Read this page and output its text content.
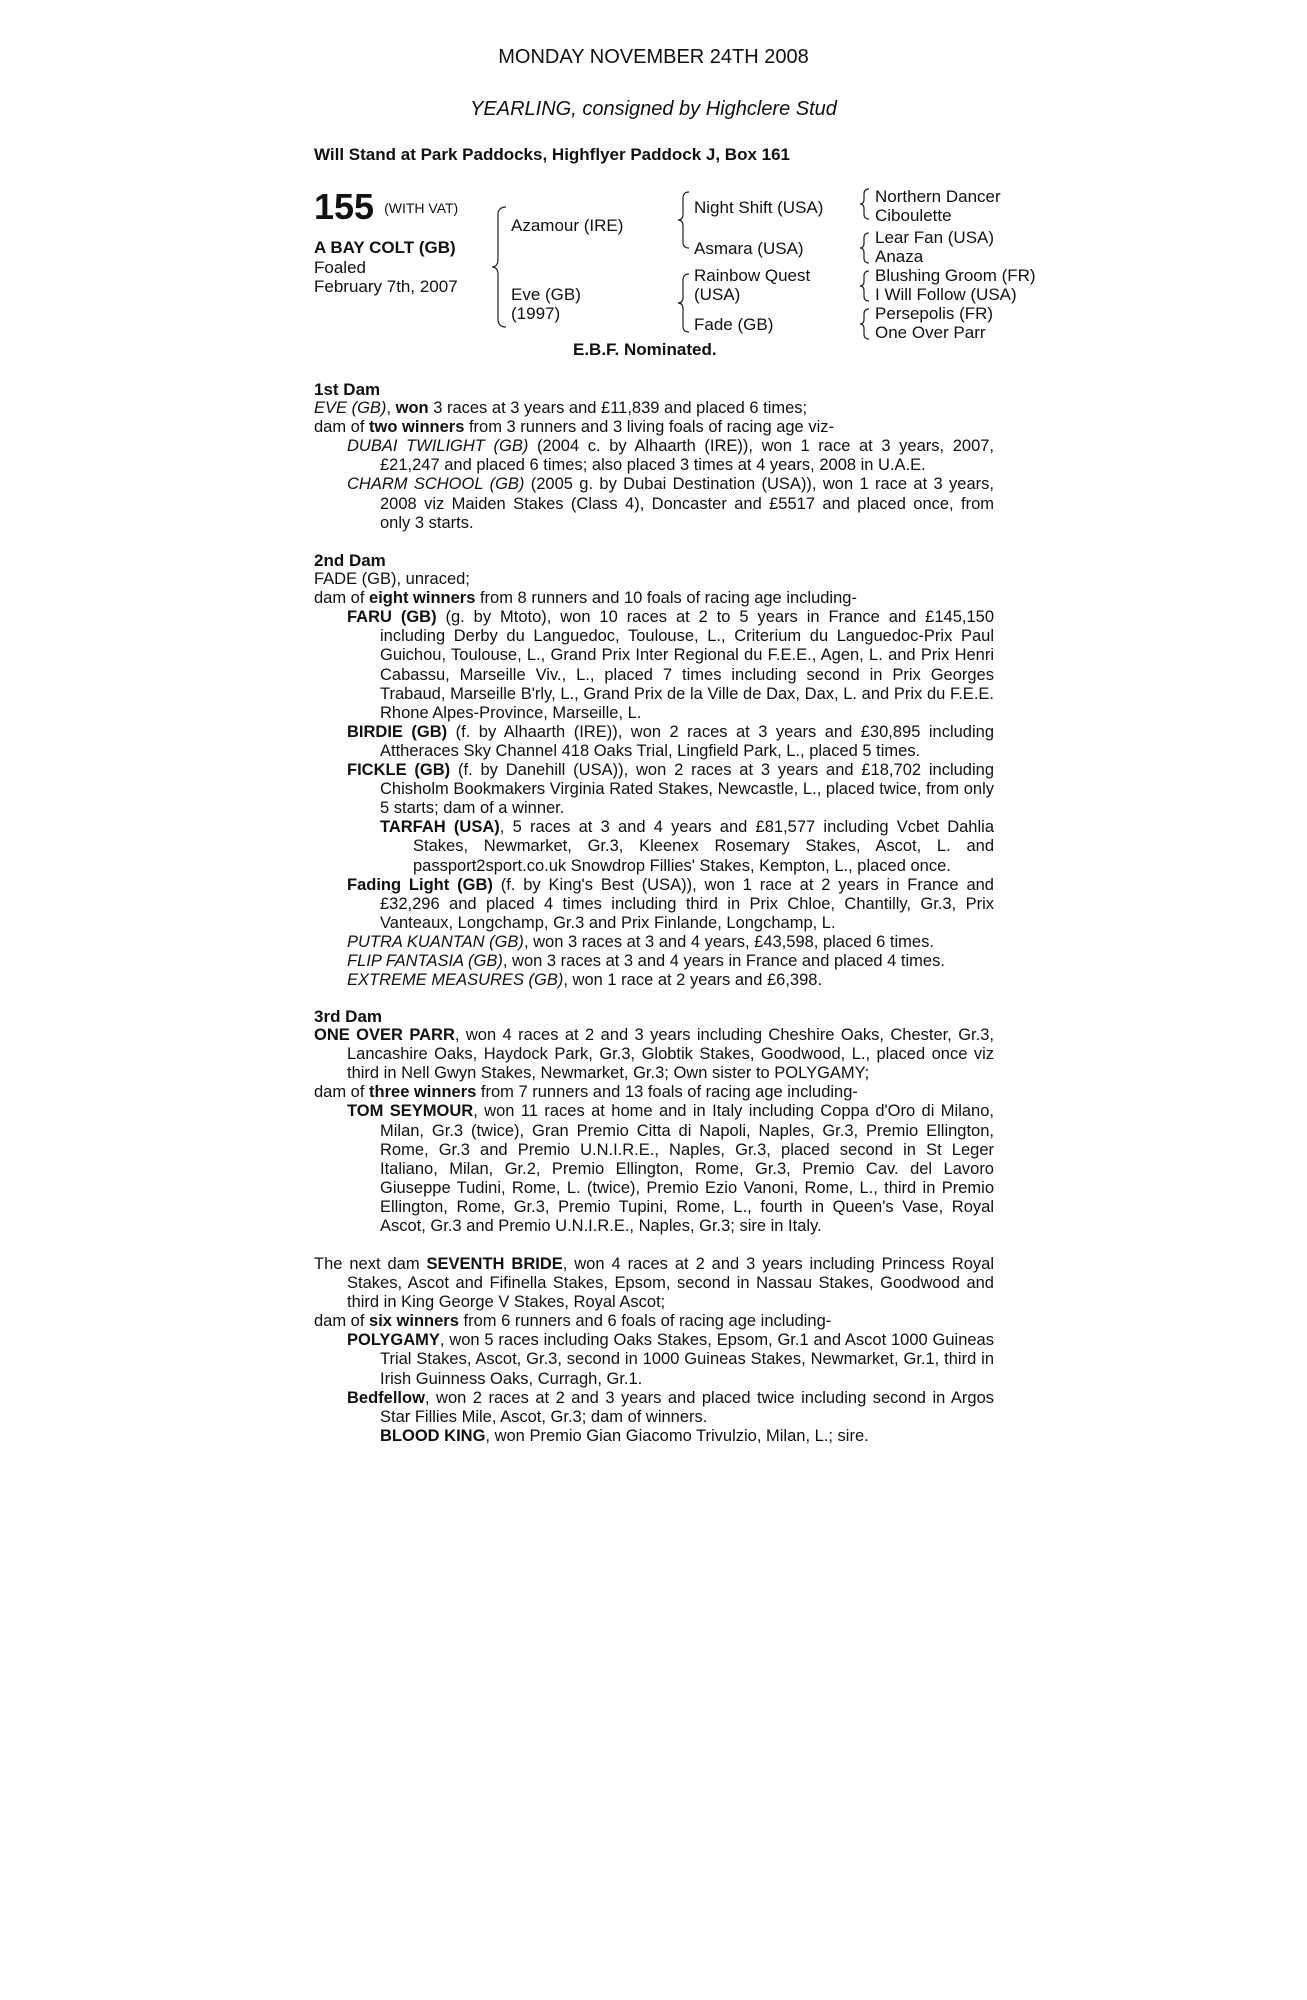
MONDAY NOVEMBER 24TH 2008
YEARLING, consigned by Highclere Stud
Will Stand at Park Paddocks, Highflyer Paddock J, Box 161
155 (WITH VAT)
A BAY COLT (GB)
Foaled
February 7th, 2007
Azamour (IRE)
Eve (GB)
(1997)
Night Shift (USA)
Asmara (USA)
Rainbow Quest
(USA)
Fade (GB)
Northern Dancer
Ciboulette
Lear Fan (USA)
Anaza
Blushing Groom (FR)
I Will Follow (USA)
Persepolis (FR)
One Over Parr
E.B.F. Nominated.

1st Dam

EVE (GB), won 3 races at 3 years and £11,839 and placed 6 times;

dam of two winners from 3 runners and 3 living foals of racing age viz-

DUBAI TWILIGHT (GB) (2004 c. by Alhaarth (IRE)), won 1 race at 3 years, 2007, £21,247 and placed 6 times; also placed 3 times at 4 years, 2008 in U.A.E.

CHARM SCHOOL (GB) (2005 g. by Dubai Destination (USA)), won 1 race at 3 years, 2008 viz Maiden Stakes (Class 4), Doncaster and £5517 and placed once, from only 3 starts.

2nd Dam

FADE (GB), unraced;

dam of eight winners from 8 runners and 10 foals of racing age including-

FARU (GB) (g. by Mtoto), won 10 races at 2 to 5 years in France and £145,150 including Derby du Languedoc, Toulouse, L., Criterium du Languedoc-Prix Paul Guichou, Toulouse, L., Grand Prix Inter Regional du F.E.E., Agen, L. and Prix Henri Cabassu, Marseille Viv., L., placed 7 times including second in Prix Georges Trabaud, Marseille B'rly, L., Grand Prix de la Ville de Dax, Dax, L. and Prix du F.E.E. Rhone Alpes-Province, Marseille, L.

BIRDIE (GB) (f. by Alhaarth (IRE)), won 2 races at 3 years and £30,895 including Attheraces Sky Channel 418 Oaks Trial, Lingfield Park, L., placed 5 times.

FICKLE (GB) (f. by Danehill (USA)), won 2 races at 3 years and £18,702 including Chisholm Bookmakers Virginia Rated Stakes, Newcastle, L., placed twice, from only 5 starts; dam of a winner.

TARFAH (USA), 5 races at 3 and 4 years and £81,577 including Vcbet Dahlia Stakes, Newmarket, Gr.3, Kleenex Rosemary Stakes, Ascot, L. and passport2sport.co.uk Snowdrop Fillies' Stakes, Kempton, L., placed once.

Fading Light (GB) (f. by King's Best (USA)), won 1 race at 2 years in France and £32,296 and placed 4 times including third in Prix Chloe, Chantilly, Gr.3, Prix Vanteaux, Longchamp, Gr.3 and Prix Finlande, Longchamp, L.

PUTRA KUANTAN (GB), won 3 races at 3 and 4 years, £43,598, placed 6 times.

FLIP FANTASIA (GB), won 3 races at 3 and 4 years in France and placed 4 times.

EXTREME MEASURES (GB), won 1 race at 2 years and £6,398.

3rd Dam

ONE OVER PARR, won 4 races at 2 and 3 years including Cheshire Oaks, Chester, Gr.3, Lancashire Oaks, Haydock Park, Gr.3, Globtik Stakes, Goodwood, L., placed once viz third in Nell Gwyn Stakes, Newmarket, Gr.3; Own sister to POLYGAMY;

dam of three winners from 7 runners and 13 foals of racing age including-

TOM SEYMOUR, won 11 races at home and in Italy including Coppa d'Oro di Milano, Milan, Gr.3 (twice), Gran Premio Citta di Napoli, Naples, Gr.3, Premio Ellington, Rome, Gr.3 and Premio U.N.I.R.E., Naples, Gr.3, placed second in St Leger Italiano, Milan, Gr.2, Premio Ellington, Rome, Gr.3, Premio Cav. del Lavoro Giuseppe Tudini, Rome, L. (twice), Premio Ezio Vanoni, Rome, L., third in Premio Ellington, Rome, Gr.3, Premio Tupini, Rome, L., fourth in Queen's Vase, Royal Ascot, Gr.3 and Premio U.N.I.R.E., Naples, Gr.3; sire in Italy.

The next dam SEVENTH BRIDE, won 4 races at 2 and 3 years including Princess Royal Stakes, Ascot and Fifinella Stakes, Epsom, second in Nassau Stakes, Goodwood and third in King George V Stakes, Royal Ascot;

dam of six winners from 6 runners and 6 foals of racing age including-

POLYGAMY, won 5 races including Oaks Stakes, Epsom, Gr.1 and Ascot 1000 Guineas Trial Stakes, Ascot, Gr.3, second in 1000 Guineas Stakes, Newmarket, Gr.1, third in Irish Guinness Oaks, Curragh, Gr.1.

Bedfellow, won 2 races at 2 and 3 years and placed twice including second in Argos Star Fillies Mile, Ascot, Gr.3; dam of winners.

BLOOD KING, won Premio Gian Giacomo Trivulzio, Milan, L.; sire.
